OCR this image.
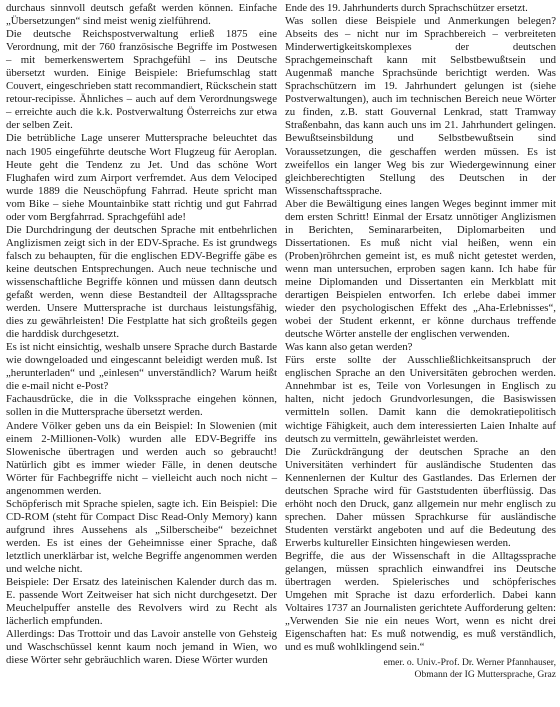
durchaus sinnvoll deutsch gefaßt werden können. Einfache „Übersetzungen“ sind meist wenig zielführend.

Die deutsche Reichspostverwaltung erließ 1875 eine Verordnung, mit der 760 französische Begriffe im Postwesen – mit bemerkenswertem Sprachgefühl – ins Deutsche übersetzt wurden. Einige Beispiele: Briefumschlag statt Couvert, eingeschrieben statt recommandiert, Rückschein statt retour-recipisse. Ähnliches – auch auf dem Verordnungswege – erreichte auch die k.k. Postverwaltung Österreichs zur etwa der selben Zeit.

Die betrübliche Lage unserer Muttersprache beleuchtet das nach 1905 eingeführte deutsche Wort Flugzeug für Aeroplan. Heute geht die Tendenz zu Jet. Und das schöne Wort Flughafen wird zum Airport verfremdet. Aus dem Velociped wurde 1889 die Neuschöpfung Fahrrad. Heute spricht man vom Bike – siehe Mountainbike statt richtig und gut Fahrrad oder vom Bergfahrrad. Sprachgefühl ade!

Die Durchdringung der deutschen Sprache mit entbehrlichen Anglizismen zeigt sich in der EDV-Sprache. Es ist grundwegs falsch zu behaupten, für die englischen EDV-Begriffe gäbe es keine deutschen Entsprechungen. Auch neue technische und wissenschaftliche Begriffe können und müssen dann deutsch gefaßt werden, wenn diese Bestandteil der Alltagssprache werden. Unsere Muttersprache ist durchaus leistungsfähig, dies zu gewährleisten! Die Festplatte hat sich großteils gegen die harddisk durchgesetzt.

Es ist nicht einsichtig, weshalb unsere Sprache durch Bastarde wie downgeloaded und eingescannt beleidigt werden muß. Ist „herunterladen“ und „einlesen“ unverständlich? Warum heißt die e-mail nicht e-Post?

Fachausdrücke, die in die Volkssprache eingehen können, sollen in die Muttersprache übersetzt werden.

Andere Völker geben uns da ein Beispiel: In Slowenien (mit einem 2-Millionen-Volk) wurden alle EDV-Begriffe ins Slowenische übertragen und werden auch so gebraucht! Natürlich gibt es immer wieder Fälle, in denen deutsche Wörter für Fachbegriffe nicht – vielleicht auch noch nicht – angenommen werden.

Schöpferisch mit Sprache spielen, sagte ich. Ein Beispiel: Die CD-ROM (steht für Compact Disc Read-Only Memory) kann aufgrund ihres Aussehens als „Silberscheibe“ bezeichnet werden. Es ist eines der Geheimnisse einer Sprache, daß letztlich unerklärbar ist, welche Begriffe angenommen werden und welche nicht.

Beispiele: Der Ersatz des lateinischen Kalender durch das m. E. passende Wort Zeitweiser hat sich nicht durchgesetzt. Der Meuchelpuffer anstelle des Revolvers wird zu Recht als lächerlich empfunden.

Allerdings: Das Trottoir und das Lavoir anstelle von Gehsteig und Waschschüssel kennt kaum noch jemand in Wien, wo diese Wörter sehr gebräuchlich waren. Diese Wörter wurden

Ende des 19. Jahrhunderts durch Sprachschützer ersetzt.

Was sollen diese Beispiele und Anmerkungen belegen? Abseits des – nicht nur im Sprachbereich – verbreiteten Minderwertigkeitskomplexes der deutschen Sprachgemeinschaft kann mit Selbstbewußtsein und Augenmaß manche Sprachsünde berichtigt werden. Was Sprachschützern im 19. Jahrhundert gelungen ist (siehe Postverwaltungen), auch im technischen Bereich neue Wörter zu finden, z.B. statt Gouvernal Lenkrad, statt Tramway Straßenbahn, das kann auch uns im 21. Jahrhundert gelingen. Bewußtseinsbildung und Selbstbewußtsein sind Voraussetzungen, die geschaffen werden müssen. Es ist zweifellos ein langer Weg bis zur Wiedergewinnung einer gleichberechtigten Stellung des Deutschen in der Wissenschaftssprache.

Aber die Bewältigung eines langen Weges beginnt immer mit dem ersten Schritt! Einmal der Ersatz unnötiger Anglizismen in Berichten, Seminararbeiten, Diplomarbeiten und Dissertationen. Es muß nicht vial heißen, wenn ein (Proben)röhrchen gemeint ist, es muß nicht getestet werden, wenn man untersuchen, erproben sagen kann. Ich habe für meine Diplomanden und Dissertanten ein Merkblatt mit derartigen Beispielen entworfen. Ich erlebe dabei immer wieder den psychologischen Effekt des „Aha-Erlebnisses“, wobei der Student erkennt, er könne durchaus treffende deutsche Wörter anstelle der englischen verwenden.

Was kann also getan werden?

Fürs erste sollte der Ausschließlichkeitsanspruch der englischen Sprache an den Universitäten gebrochen werden. Annehmbar ist es, Teile von Vorlesungen in Englisch zu halten, nicht jedoch Grundvorlesungen, die Basiswissen vermitteln sollen. Damit kann die demokratiepolitisch wichtige Fähigkeit, auch dem interessierten Laien Inhalte auf deutsch zu vermitteln, gewährleistet werden.

Die Zurückdrängung der deutschen Sprache an den Universitäten verhindert für ausländische Studenten das Kennenlernen der Kultur des Gastlandes. Das Erlernen der deutschen Sprache wird für Gaststudenten überflüssig. Das erhöht noch den Druck, ganz allgemein nur mehr englisch zu sprechen. Daher müssen Sprachkurse für ausländische Studenten verstärkt angeboten und auf die Bedeutung des Erwerbs kultureller Einsichten hingewiesen werden.

Begriffe, die aus der Wissenschaft in die Alltagssprache gelangen, müssen sprachlich einwandfrei ins Deutsche übertragen werden. Spielerisches und schöpferisches Umgehen mit Sprache ist dazu erforderlich. Dabei kann Voltaires 1737 an Journalisten gerichtete Aufforderung gelten: „Verwenden Sie nie ein neues Wort, wenn es nicht drei Eigenschaften hat: Es muß notwendig, es muß verständlich, und es muß wohlklingend sein.“

emer. o. Univ.-Prof. Dr. Werner Pfannhauser,
Obmann der IG Muttersprache, Graz
